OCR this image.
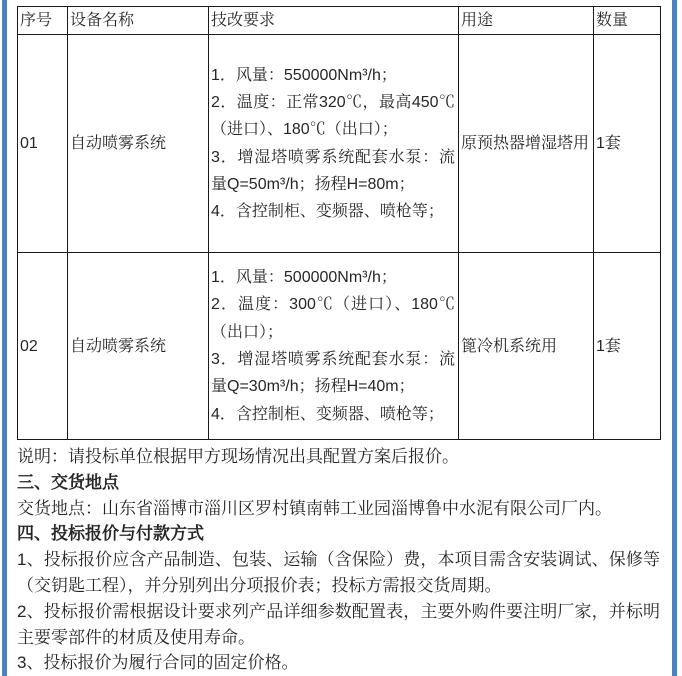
序号	设备名称	技改要求	用途	数量
01	自动喷雾系统	1．风量：550000Nm³/h；
2．温度：正常320℃，最高450℃（进口）、180℃（出口）；
3．增湿塔喷雾系统配套水泵：流量Q=50m³/h；扬程H=80m；
4．含控制柜、变频器、喷枪等；	原预热器增湿塔用	1套
02	自动喷雾系统	1．风量：500000Nm³/h；
2．温度：300℃（进口）、180℃（出口）；
3．增湿塔喷雾系统配套水泵：流量Q=30m³/h；扬程H=40m；
4．含控制柜、变频器、喷枪等；	篦冷机系统用	1套

说明：请投标单位根据甲方现场情况出具配置方案后报价。

三、交货地点

交货地点：山东省淄博市淄川区罗村镇南韩工业园淄博鲁中水泥有限公司厂内。

四、投标报价与付款方式

1、投标报价应含产品制造、包装、运输（含保险）费，本项目需含安装调试、保修等（交钥匙工程），并分别列出分项报价表；投标方需报交货周期。

2、投标报价需根据设计要求列产品详细参数配置表，主要外购件要注明厂家，并标明主要零部件的材质及使用寿命。

3、投标报价为履行合同的固定价格。
